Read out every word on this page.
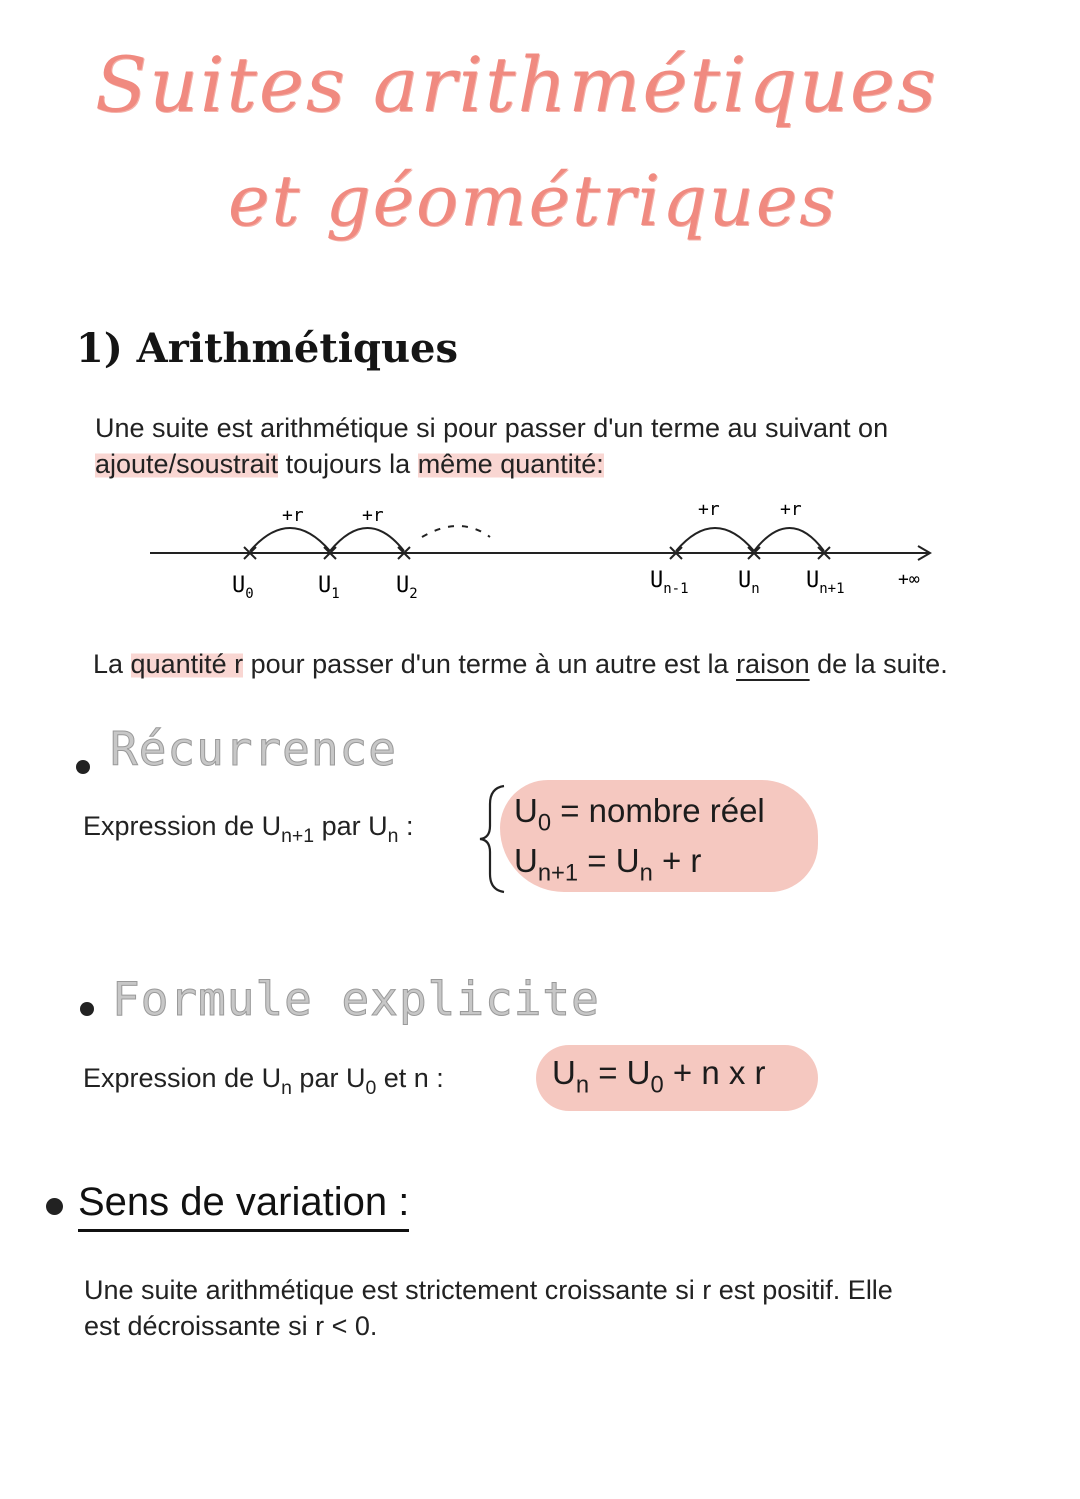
Suites arithmétiques
et géométriques
1) Arithmétiques
Une suite est arithmétique si pour passer d'un terme au suivant on
ajoute/soustrait toujours la même quantité:
+r	+r	+r	+r
$U_0$	$U_1$	$U_2$
$U_{n-1}$ $U_n$ $U_{n+1}$	+∞
La quantité r pour passer d'un terme à un autre est la raison de la suite.
Récurrence
Expression de $U_{n+1}$ par $U_n$ :	$U_0$ = nombre réel
$U_{n+1} = U_n + r$
Formule explicite
Expression de $U_n$ par $U_0$ et n :	$U_n = U_0 + n$ x r
Sens de variation :
Une suite arithmétique est strictement croissante si r est positif. Elle
est décroissante si r < 0.
